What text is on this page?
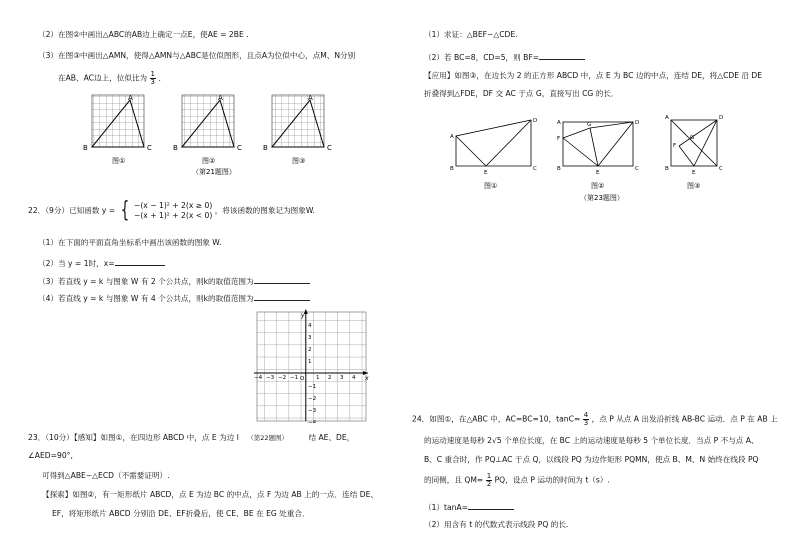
（2）在图②中画出△ABC的AB边上确定一点E，使AE = 2BE .
（3）在图③中画出△AMN，使得△AMN与△ABC是位似图形，且点A为位似中心，点M、N分别
在AB、AC边上，位似比为 $\frac{1}{3}$ ．
A
B	C
图①
A
B	C
图②
A
B	C
图③
（第21题图）
22．（9分）已知函数 y = { −(x − 1)² + 2(x ≥ 0)
−(x + 1)² + 2(x < 0)
，将该函数的图象记为图象W.
（1）在下面的平面直角坐标系中画出该函数的图象 W.
（2）当 y = 1时，x=
（3）若直线 y = k 与图象 W 有 2 个公共点，则k的取值范围为
（4）若直线 y = k 与图象 W 有 4 个公共点，则k的取值范围为
y
x
O
−4 −3 −2 −1	1 2 3 4
4
3
2
1
−1
−2
−3
−4
23．（10分）【感知】如图①，在四边形 ABCD 中，点 E 为边 l （第22题图）	结 AE、DE，
∠AED=90°,
可得到△ABE∽△ECD（不需要证明）.
【探索】如图②，有一矩形纸片 ABCD，点 E 为边 BC 的中点，点 F 为边 AB 上的一点．连结 DE、
EF，将矩形纸片 ABCD 分别沿 DE、EF折叠后，使 CE、BE 在 EG 处重合．
（1）求证：△BEF∽△CDE.
（2）若 BC=8，CD=5，则 BF=
【应用】如图③，在边长为 2 的正方形 ABCD 中，点 E 为 BC 边的中点，连结 DE，将△CDE 沿 DE
折叠得到△FDE，DF 交 AC 于点 G，直接写出 CG 的长．
A
B	C
D
E
图①
A
B	C
D
E
F
G
图②
A
B	C
D
E
F
G
图③
（第23题图）
24．如图①，在△ABC 中，AC=BC=10，$\tan C= \frac{4}{3}$ ，点 P 从点 A 出发沿折线 AB-BC 运动．点 P 在 AB 上
的运动速度是每秒 2√5 个单位长度，在 BC 上的运动速度是每秒 5 个单位长度．当点 P 不与点 A、
B、C 重合时，作 PQ⊥AC 于点 Q，以线段 PQ 为边作矩形 PQMN，使点 B、M、N 始终在线段 PQ
的同侧，且 $QM= \frac{1}{2}$ PQ，设点 P 运动的时间为 t（s）.
（1）tanA=
（2）用含有 t 的代数式表示线段 PQ 的长.
